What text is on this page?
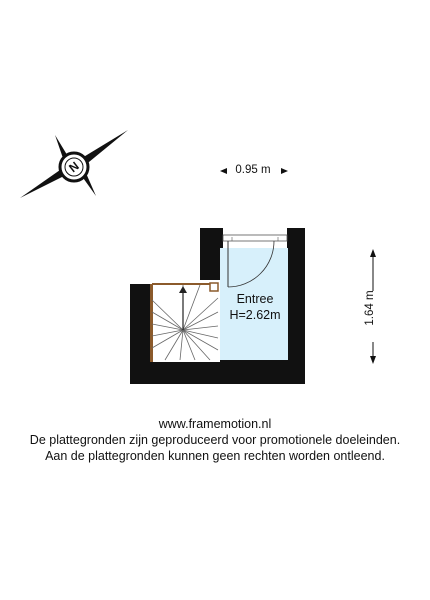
N
Entree
H=2.62m
0.95 m
1.64 m
www.framemotion.nl
De plattegronden zijn geproduceerd voor promotionele doeleinden.
Aan de plattegronden kunnen geen rechten worden ontleend.
